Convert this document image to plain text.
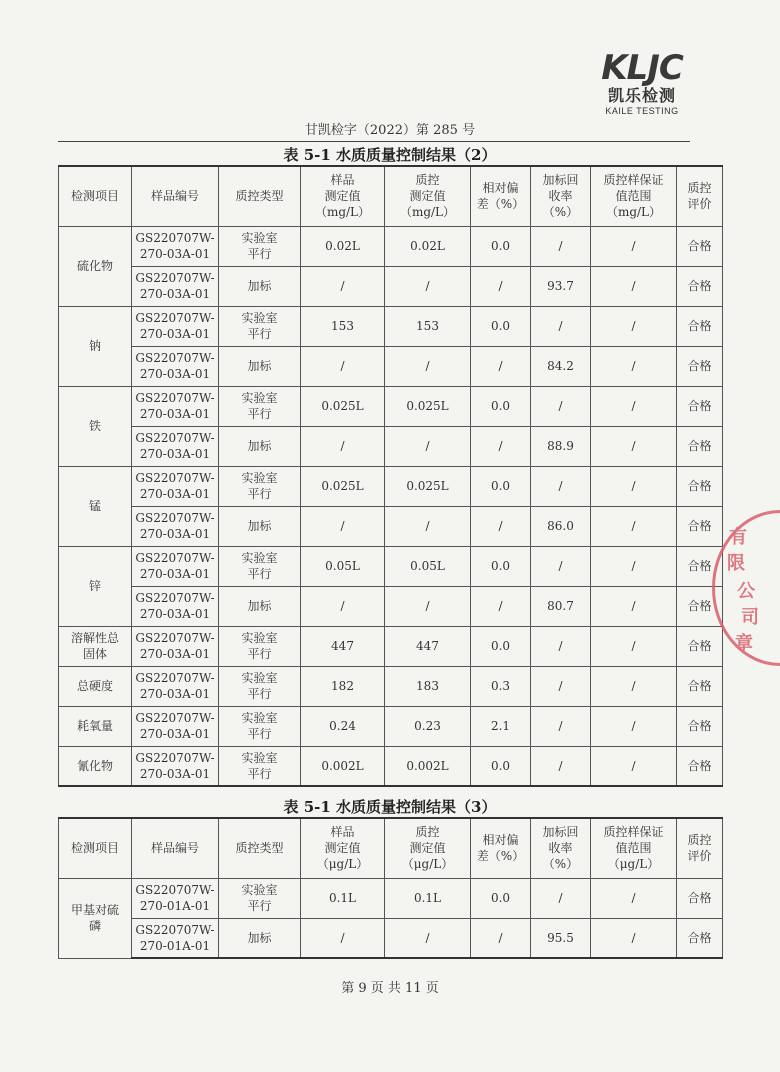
KLJC
凯乐检测
KAILE TESTING
甘凯检字（2022）第 285 号
表 5-1 水质质量控制结果（2）
检测项目	样品编号	质控类型	样品
测定值
（mg/L）	质控
测定值
（mg/L）	相对偏
差（%）	加标回
收率
（%）	质控样保证
值范围
（mg/L）	质控
评价
硫化物	GS220707W-
270-03A-01	实验室
平行	0.02L	0.02L	0.0	/	/	合格
	GS220707W-
270-03A-01	加标	/	/	/	93.7	/	合格
钠	GS220707W-
270-03A-01	实验室
平行	153	153	0.0	/	/	合格
	GS220707W-
270-03A-01	加标	/	/	/	84.2	/	合格
铁	GS220707W-
270-03A-01	实验室
平行	0.025L	0.025L	0.0	/	/	合格
	GS220707W-
270-03A-01	加标	/	/	/	88.9	/	合格
锰	GS220707W-
270-03A-01	实验室
平行	0.025L	0.025L	0.0	/	/	合格
	GS220707W-
270-03A-01	加标	/	/	/	86.0	/	合格
锌	GS220707W-
270-03A-01	实验室
平行	0.05L	0.05L	0.0	/	/	合格
	GS220707W-
270-03A-01	加标	/	/	/	80.7	/	合格
溶解性总
固体	GS220707W-
270-03A-01	实验室
平行	447	447	0.0	/	/	合格
总硬度	GS220707W-
270-03A-01	实验室
平行	182	183	0.3	/	/	合格
耗氧量	GS220707W-
270-03A-01	实验室
平行	0.24	0.23	2.1	/	/	合格
氰化物	GS220707W-
270-03A-01	实验室
平行	0.002L	0.002L	0.0	/	/	合格
表 5-1 水质质量控制结果（3）
检测项目	样品编号	质控类型	样品
测定值
（μg/L）	质控
测定值
（μg/L）	相对偏
差（%）	加标回
收率
（%）	质控样保证
值范围
（μg/L）	质控
评价
甲基对硫
磷	GS220707W-
270-01A-01	实验室
平行	0.1L	0.1L	0.0	/	/	合格
	GS220707W-
270-01A-01	加标	/	/	/	95.5	/	合格
有
限
公
司
章
第 9 页 共 11 页
